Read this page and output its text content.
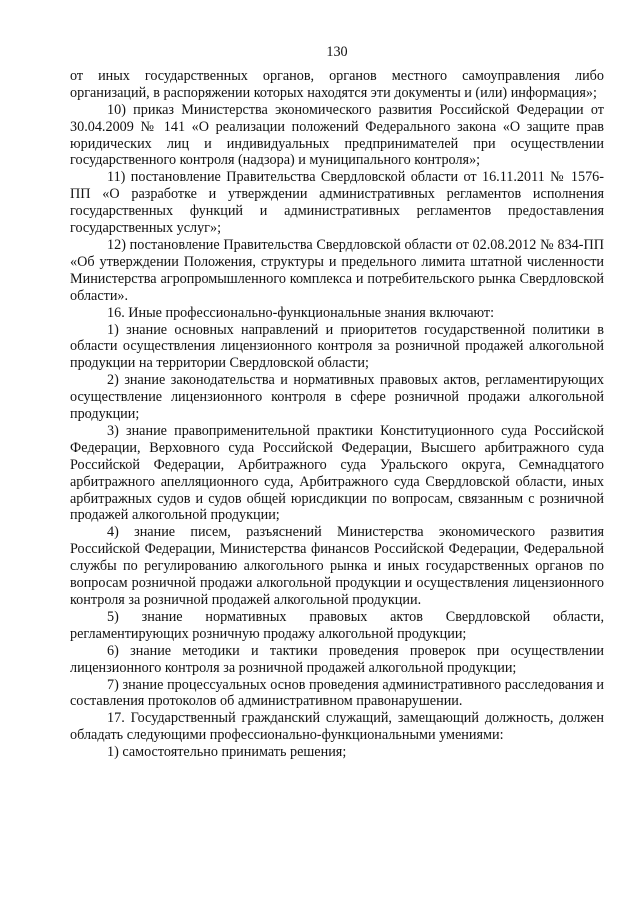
130

от иных государственных органов, органов местного самоуправления либо организаций, в распоряжении которых находятся эти документы и (или) информация»;

10) приказ Министерства экономического развития Российской Федерации от 30.04.2009 № 141 «О реализации положений Федерального закона «О защите прав юридических лиц и индивидуальных предпринимателей при осуществлении государственного контроля (надзора) и муниципального контроля»;

11) постановление Правительства Свердловской области от 16.11.2011 № 1576-ПП «О разработке и утверждении административных регламентов исполнения государственных функций и административных регламентов предоставления государственных услуг»;

12) постановление Правительства Свердловской области от 02.08.2012 № 834-ПП «Об утверждении Положения, структуры и предельного лимита штатной численности Министерства агропромышленного комплекса и потребительского рынка Свердловской области».

16. Иные профессионально-функциональные знания включают:

1) знание основных направлений и приоритетов государственной политики в области осуществления лицензионного контроля за розничной продажей алкогольной продукции на территории Свердловской области;

2) знание законодательства и нормативных правовых актов, регламентирующих осуществление лицензионного контроля в сфере розничной продажи алкогольной продукции;

3) знание правоприменительной практики Конституционного суда Российской Федерации, Верховного суда Российской Федерации, Высшего арбитражного суда Российской Федерации, Арбитражного суда Уральского округа, Семнадцатого арбитражного апелляционного суда, Арбитражного суда Свердловской области, иных арбитражных судов и судов общей юрисдикции по вопросам, связанным с розничной продажей алкогольной продукции;

4) знание писем, разъяснений Министерства экономического развития Российской Федерации, Министерства финансов Российской Федерации, Федеральной службы по регулированию алкогольного рынка и иных государственных органов по вопросам розничной продажи алкогольной продукции и осуществления лицензионного контроля за розничной продажей алкогольной продукции.

5) знание нормативных правовых актов Свердловской области, регламентирующих розничную продажу алкогольной продукции;

6) знание методики и тактики проведения проверок при осуществлении лицензионного контроля за розничной продажей алкогольной продукции;

7) знание процессуальных основ проведения административного расследования и составления протоколов об административном правонарушении.

17. Государственный гражданский служащий, замещающий должность, должен обладать следующими профессионально-функциональными умениями:

1) самостоятельно принимать решения;
